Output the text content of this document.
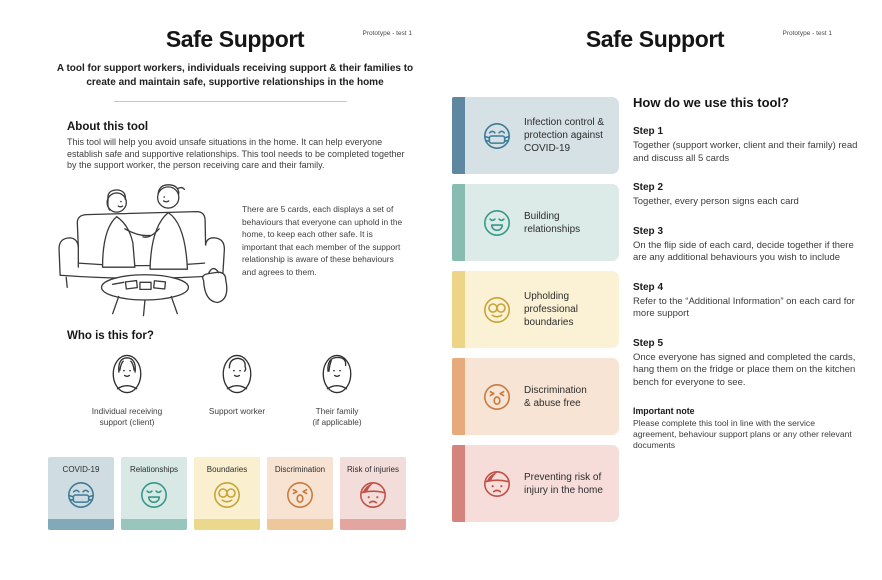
Safe Support	Prototype - test 1
A tool for support workers, individuals receiving support & their families to
create and maintain safe, supportive relationships in the home
About this tool
This tool will help you avoid unsafe situations in the home. It can help everyone establish safe and supportive relationships. This tool needs to be completed together by the support worker, the person receiving care and their family.
There are 5 cards, each displays a set of behaviours that everyone can uphold in the home, to keep each other safe. It is important that each member of the support relationship is aware of these behaviours and agrees to them.
Who is this for?
Individual receiving
support (client)
Support worker	Their family
(if applicable)
COVID-19	Relationships	Boundaries	Discrimination	Risk of injuries
Safe Support	Prototype - test 1
Infection control &
protection against
COVID-19
Building
relationships
Upholding
professional
boundaries
Discrimination
& abuse free
Preventing risk of
injury in the home
How do we use this tool?
Step 1
Together (support worker, client and their family) read and discuss all 5 cards
Step 2
Together, every person signs each card
Step 3
On the flip side of each card, decide together if there are any additional behaviours you wish to include
Step 4
Refer to the “Additional Information” on each card for more support
Step 5
Once everyone has signed and completed the cards, hang them on the fridge or place them on the kitchen bench for everyone to see.
Important note
Please complete this tool in line with the service agreement, behaviour support plans or any other relevant documents
